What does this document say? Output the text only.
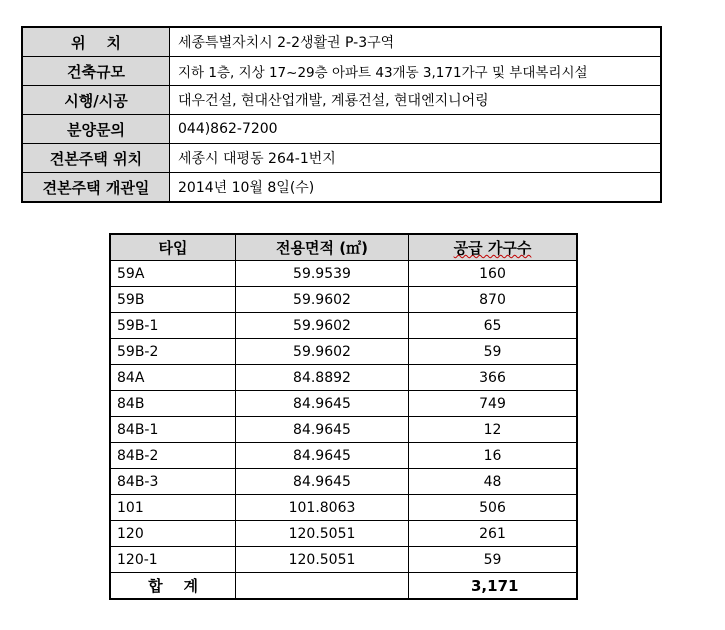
위    치	세종특별자치시 2-2생활권 P-3구역
건축규모	지하 1층, 지상 17~29층 아파트 43개동 3,171가구 및 부대복리시설
시행/시공	대우건설, 현대산업개발, 계룡건설, 현대엔지니어링
분양문의	044)862-7200
견본주택 위치	세종시 대평동 264-1번지
견본주택 개관일	2014년 10월 8일(수)
타입	전용면적 (㎡)	공급 가구수
59A	59.9539	160
59B	59.9602	870
59B-1	59.9602	65
59B-2	59.9602	59
84A	84.8892	366
84B	84.9645	749
84B-1	84.9645	12
84B-2	84.9645	16
84B-3	84.9645	48
101	101.8063	506
120	120.5051	261
120-1	120.5051	59
합    계		3,171
